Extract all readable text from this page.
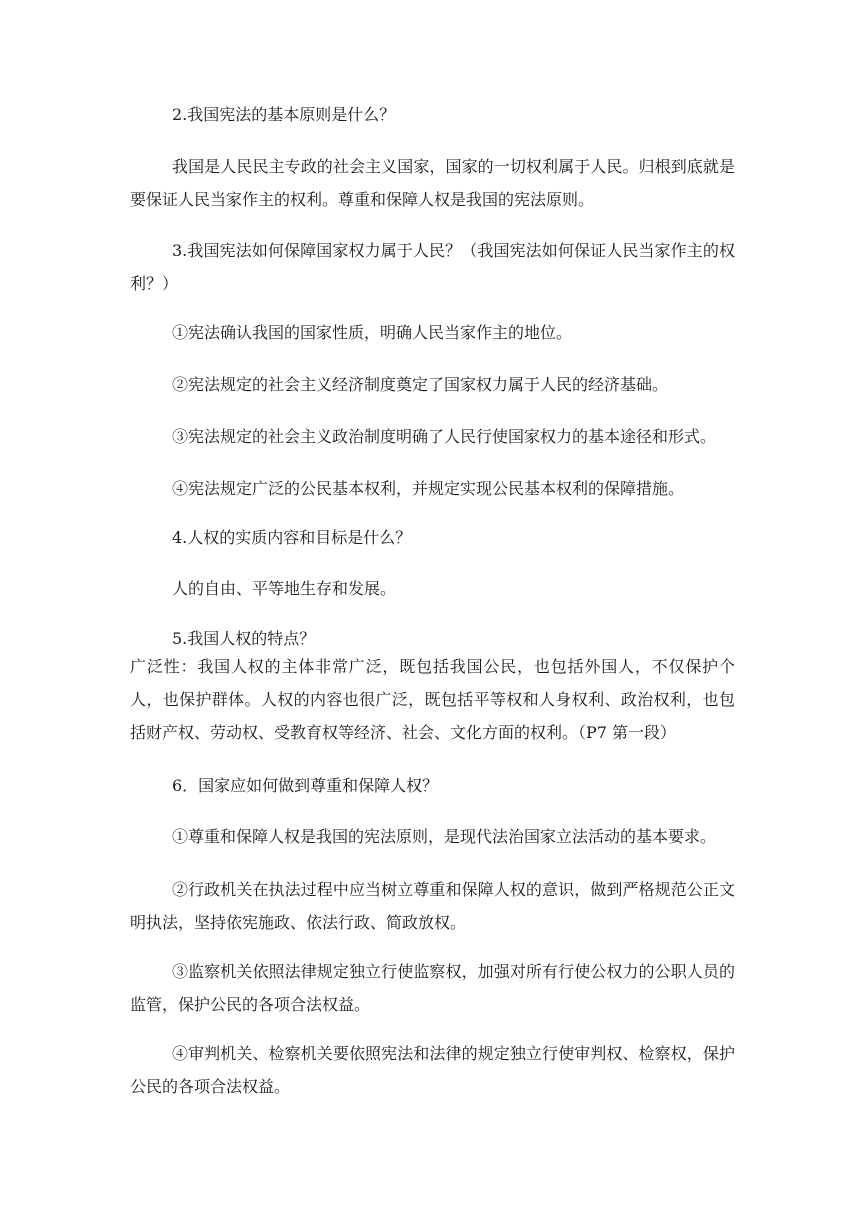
2.我国宪法的基本原则是什么？

我国是人民民主专政的社会主义国家，国家的一切权利属于人民。归根到底就是要保证人民当家作主的权利。尊重和保障人权是我国的宪法原则。

3.我国宪法如何保障国家权力属于人民？（我国宪法如何保证人民当家作主的权利？）

①宪法确认我国的国家性质，明确人民当家作主的地位。

②宪法规定的社会主义经济制度奠定了国家权力属于人民的经济基础。

③宪法规定的社会主义政治制度明确了人民行使国家权力的基本途径和形式。

④宪法规定广泛的公民基本权利，并规定实现公民基本权利的保障措施。

4.人权的实质内容和目标是什么？

人的自由、平等地生存和发展。

5.我国人权的特点？

广泛性：我国人权的主体非常广泛，既包括我国公民，也包括外国人，不仅保护个人，也保护群体。人权的内容也很广泛，既包括平等权和人身权利、政治权利，也包括财产权、劳动权、受教育权等经济、社会、文化方面的权利。（P7 第一段）

6．国家应如何做到尊重和保障人权？

①尊重和保障人权是我国的宪法原则，是现代法治国家立法活动的基本要求。

②行政机关在执法过程中应当树立尊重和保障人权的意识，做到严格规范公正文明执法，坚持依宪施政、依法行政、简政放权。

③监察机关依照法律规定独立行使监察权，加强对所有行使公权力的公职人员的监管，保护公民的各项合法权益。

④审判机关、检察机关要依照宪法和法律的规定独立行使审判权、检察权，保护公民的各项合法权益。
